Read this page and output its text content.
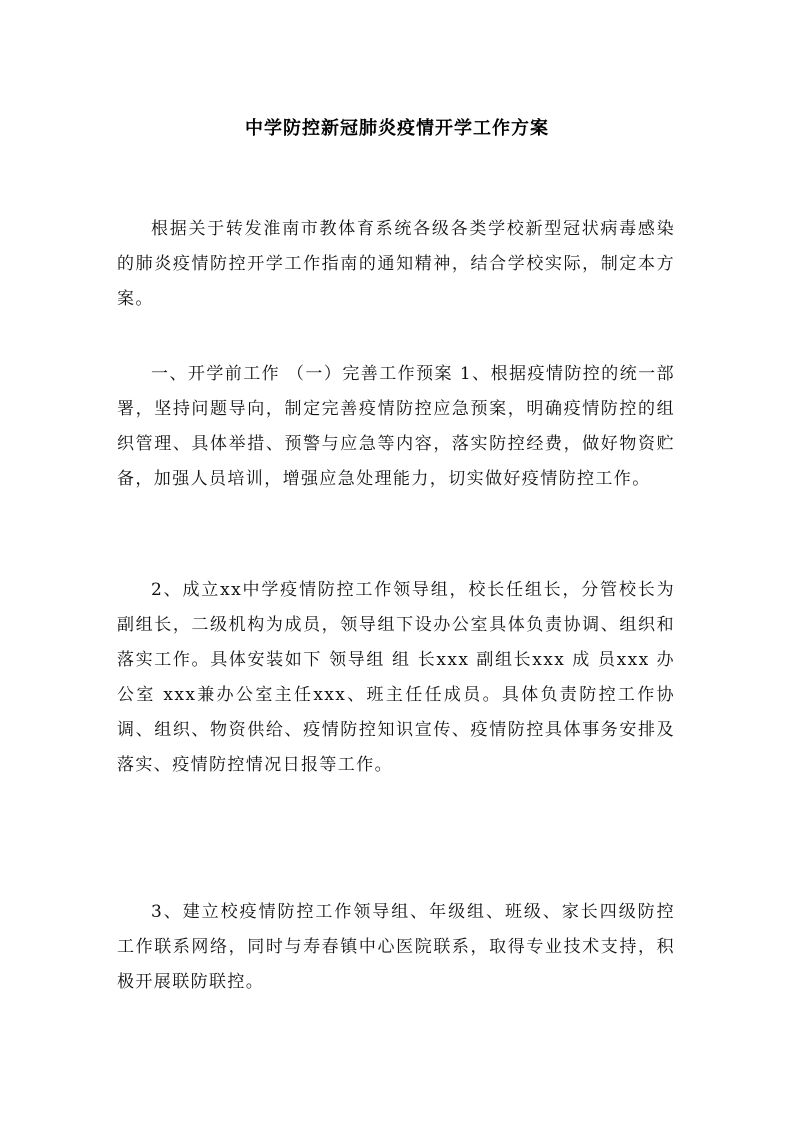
中学防控新冠肺炎疫情开学工作方案

根据关于转发淮南市教体育系统各级各类学校新型冠状病毒感染的肺炎疫情防控开学工作指南的通知精神，结合学校实际，制定本方案。

一、开学前工作 （一）完善工作预案 1、根据疫情防控的统一部署，坚持问题导向，制定完善疫情防控应急预案，明确疫情防控的组织管理、具体举措、预警与应急等内容，落实防控经费，做好物资贮备，加强人员培训，增强应急处理能力，切实做好疫情防控工作。

2、成立xx中学疫情防控工作领导组，校长任组长，分管校长为副组长，二级机构为成员，领导组下设办公室具体负责协调、组织和落实工作。具体安装如下 领导组 组 长xxx 副组长xxx 成 员xxx 办公室 xxx兼办公室主任xxx、班主任任成员。具体负责防控工作协调、组织、物资供给、疫情防控知识宣传、疫情防控具体事务安排及落实、疫情防控情况日报等工作。

3、建立校疫情防控工作领导组、年级组、班级、家长四级防控工作联系网络，同时与寿春镇中心医院联系，取得专业技术支持，积极开展联防联控。
